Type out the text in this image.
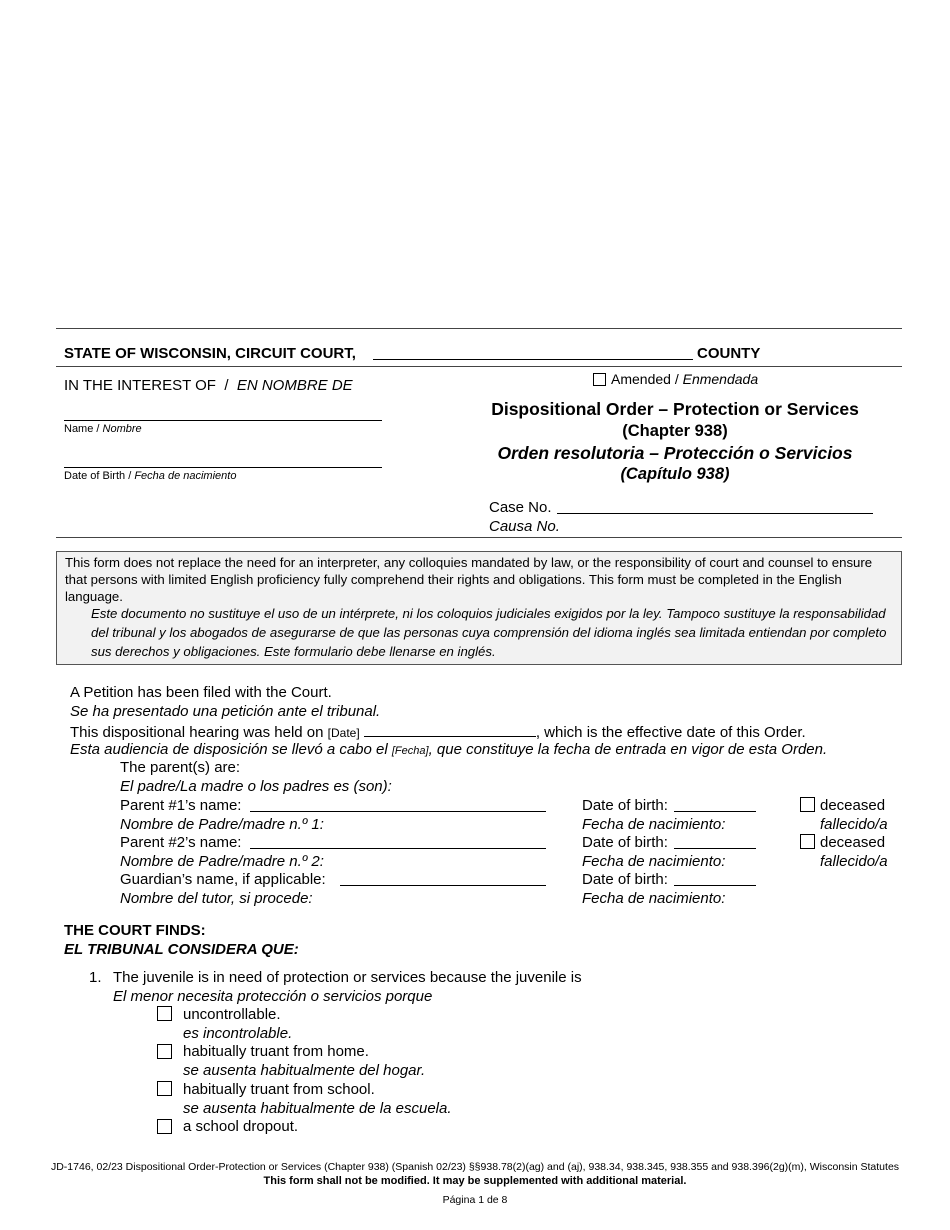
STATE OF WISCONSIN, CIRCUIT COURT,	COUNTY
IN THE INTEREST OF / EN NOMBRE DE
Name / Nombre
Date of Birth / Fecha de nacimiento
Amended / Enmendada
Dispositional Order – Protection or Services
(Chapter 938)
Orden resolutoria – Protección o Servicios
(Capítulo 938)
Case No.
Causa No.
This form does not replace the need for an interpreter, any colloquies mandated by law, or the responsibility of court and counsel to ensure that persons with limited English proficiency fully comprehend their rights and obligations. This form must be completed in the English language.
Este documento no sustituye el uso de un intérprete, ni los coloquios judiciales exigidos por la ley. Tampoco sustituye la responsabilidad del tribunal y los abogados de asegurarse de que las personas cuya comprensión del idioma inglés sea limitada entiendan por completo sus derechos y obligaciones. Este formulario debe llenarse en inglés.
A Petition has been filed with the Court.
Se ha presentado una petición ante el tribunal.
This dispositional hearing was held on [Date]	, which is the effective date of this Order.
Esta audiencia de disposición se llevó a cabo el [Fecha], que constituye la fecha de entrada en vigor de esta Orden.
The parent(s) are:
El padre/La madre o los padres es (son):
Parent #1’s name:
Nombre de Padre/madre n.º 1:
Date of birth:
Fecha de nacimiento:
deceased
fallecido/a
Parent #2’s name:
Nombre de Padre/madre n.º 2:
Date of birth:
Fecha de nacimiento:
deceased
fallecido/a
Guardian’s name, if applicable:
Nombre del tutor, si procede:
Date of birth:
Fecha de nacimiento:
THE COURT FINDS:
EL TRIBUNAL CONSIDERA QUE:
1. The juvenile is in need of protection or services because the juvenile is
El menor necesita protección o servicios porque
uncontrollable.
es incontrolable.
habitually truant from home.
se ausenta habitualmente del hogar.
habitually truant from school.
se ausenta habitualmente de la escuela.
a school dropout.
JD-1746, 02/23 Dispositional Order-Protection or Services (Chapter 938) (Spanish 02/23) §§938.78(2)(ag) and (aj), 938.34, 938.345, 938.355 and 938.396(2g)(m), Wisconsin Statutes
This form shall not be modified. It may be supplemented with additional material.
Página 1 de 8
